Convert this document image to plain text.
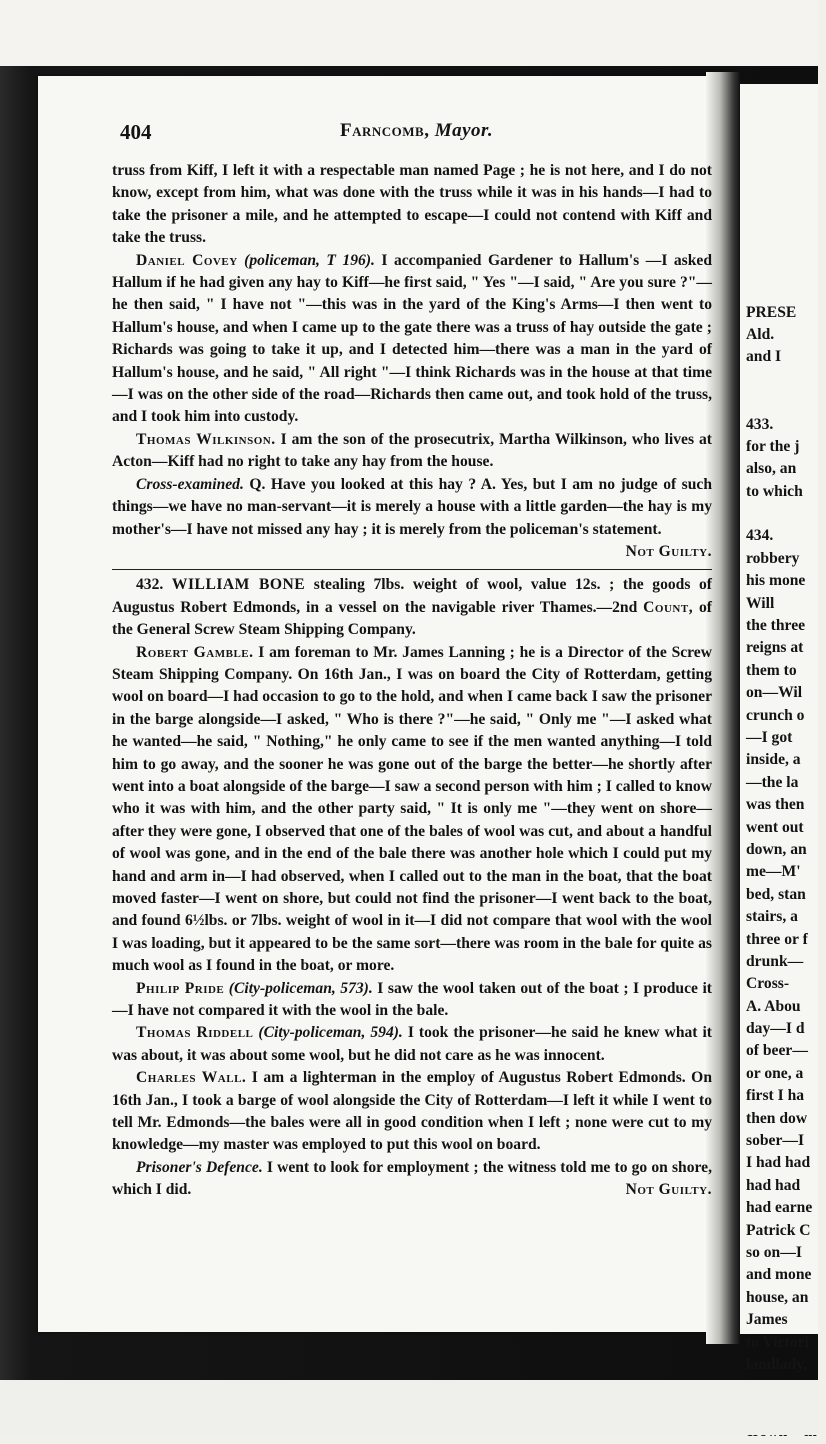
PRESE
Ald.
and I
433.
for the j
also, an
to which
434.
robbery
his mone
Will
the three
reigns at
them to
on—Wil
crunch o
—I got
inside, a
—the la
was then
went out
down, an
me—M'
bed, stan
stairs, a
three or f
drunk—
Cross-
A. Abou
day—I d
of beer—
or one, a
first I ha
then dow
sober—I
I had had
had had
had earne
Patrick C
so on—I
and mone
house, an
James
to Victori
landlady,
404	Farncomb, Mayor.

truss from Kiff, I left it with a respectable man named Page ; he is not here, and I do not know, except from him, what was done with the truss while it was in his hands—I had to take the prisoner a mile, and he attempted to escape—I could not contend with Kiff and take the truss.

Daniel Covey (policeman, T 196). I accompanied Gardener to Hallum's —I asked Hallum if he had given any hay to Kiff—he first said, " Yes "—I said, " Are you sure ?"—he then said, " I have not "—this was in the yard of the King's Arms—I then went to Hallum's house, and when I came up to the gate there was a truss of hay outside the gate ; Richards was going to take it up, and I detected him—there was a man in the yard of Hallum's house, and he said, " All right "—I think Richards was in the house at that time—I was on the other side of the road—Richards then came out, and took hold of the truss, and I took him into custody.

Thomas Wilkinson. I am the son of the prosecutrix, Martha Wilkinson, who lives at Acton—Kiff had no right to take any hay from the house.

Cross-examined. Q. Have you looked at this hay ? A. Yes, but I am no judge of such things—we have no man-servant—it is merely a house with a little garden—the hay is my mother's—I have not missed any hay ; it is merely from the policeman's statement.
Not Guilty.

432. WILLIAM BONE stealing 7lbs. weight of wool, value 12s. ; the goods of Augustus Robert Edmonds, in a vessel on the navigable river Thames.—2nd Count, of the General Screw Steam Shipping Company.

Robert Gamble. I am foreman to Mr. James Lanning ; he is a Director of the Screw Steam Shipping Company. On 16th Jan., I was on board the City of Rotterdam, getting wool on board—I had occasion to go to the hold, and when I came back I saw the prisoner in the barge alongside—I asked, " Who is there ?"—he said, " Only me "—I asked what he wanted—he said, " Nothing," he only came to see if the men wanted anything—I told him to go away, and the sooner he was gone out of the barge the better—he shortly after went into a boat alongside of the barge—I saw a second person with him ; I called to know who it was with him, and the other party said, " It is only me "—they went on shore—after they were gone, I observed that one of the bales of wool was cut, and about a handful of wool was gone, and in the end of the bale there was another hole which I could put my hand and arm in—I had observed, when I called out to the man in the boat, that the boat moved faster—I went on shore, but could not find the prisoner—I went back to the boat, and found 6½lbs. or 7lbs. weight of wool in it—I did not compare that wool with the wool I was loading, but it appeared to be the same sort—there was room in the bale for quite as much wool as I found in the boat, or more.

Philip Pride (City-policeman, 573). I saw the wool taken out of the boat ; I produce it—I have not compared it with the wool in the bale.

Thomas Riddell (City-policeman, 594). I took the prisoner—he said he knew what it was about, it was about some wool, but he did not care as he was innocent.

Charles Wall. I am a lighterman in the employ of Augustus Robert Edmonds. On 16th Jan., I took a barge of wool alongside the City of Rotterdam—I left it while I went to tell Mr. Edmonds—the bales were all in good condition when I left ; none were cut to my knowledge—my master was employed to put this wool on board.

Prisoner's Defence. I went to look for employment ; the witness told me to go on shore, which I did.	Not Guilty.
